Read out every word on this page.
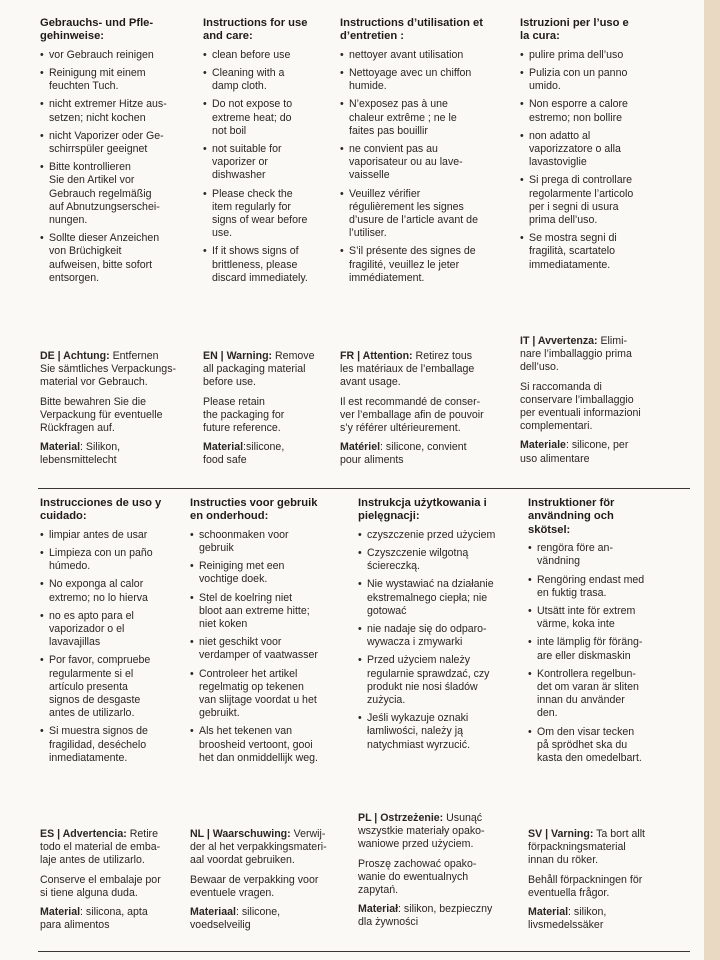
Gebrauchs- und Pfle-
gehinweise:
• vor Gebrauch reinigen
• Reinigung mit einem
feuchten Tuch.
• nicht extremer Hitze aus-
setzen; nicht kochen
• nicht Vaporizer oder Ge-
schirrspüler geeignet
• Bitte kontrollieren
Sie den Artikel vor
Gebrauch regelmäßig
auf Abnutzungserschei-
nungen.
• Sollte dieser Anzeichen
von Brüchigkeit
aufweisen, bitte sofort
entsorgen.

DE | Achtung: Entfernen
Sie sämtliches Verpackungs-
material vor Gebrauch.

Bitte bewahren Sie die
Verpackung für eventuelle
Rückfragen auf.

Material: Silikon,
lebensmittelecht

Instructions for use
and care:
• clean before use
• Cleaning with a
damp cloth.
• Do not expose to
extreme heat; do
not boil
• not suitable for
vaporizer or
dishwasher
• Please check the
item regularly for
signs of wear before
use.
• If it shows signs of
brittleness, please
discard immediately.

EN | Warning: Remove
all packaging material
before use.

Please retain
the packaging for
future reference.

Material:silicone,
food safe

Instructions d’utilisation et
d’entretien :
• nettoyer avant utilisation
• Nettoyage avec un chiffon
humide.
• N’exposez pas à une
chaleur extrême ; ne le
faites pas bouillir
• ne convient pas au
vaporisateur ou au lave-
vaisselle
• Veuillez vérifier
régulièrement les signes
d’usure de l’article avant de
l’utiliser.
• S’il présente des signes de
fragilité, veuillez le jeter
immédiatement.

FR | Attention: Retirez tous
les matériaux de l’emballage
avant usage.

Il est recommandé de conser-
ver l’emballage afin de pouvoir
s’y référer ultérieurement.

Matériel: silicone, convient
pour aliments

Istruzioni per l’uso e
la cura:
• pulire prima dell’uso
• Pulizia con un panno
umido.
• Non esporre a calore
estremo; non bollire
• non adatto al
vaporizzatore o alla
lavastoviglie
• Si prega di controllare
regolarmente l’articolo
per i segni di usura
prima dell’uso.
• Se mostra segni di
fragilità, scartatelo
immediatamente.

IT | Avvertenza: Elimi-
nare l’imballaggio prima
dell’uso.

Si raccomanda di
conservare l’imballaggio
per eventuali informazioni
complementari.

Materiale: silicone, per
uso alimentare

Instrucciones de uso y
cuidado:
• limpiar antes de usar
• Limpieza con un paño
húmedo.
• No exponga al calor
extremo; no lo hierva
• no es apto para el
vaporizador o el
lavavajillas
• Por favor, compruebe
regularmente si el
artículo presenta
signos de desgaste
antes de utilizarlo.
• Si muestra signos de
fragilidad, deséchelo
inmediatamente.

ES | Advertencia: Retire
todo el material de emba-
laje antes de utilizarlo.

Conserve el embalaje por
si tiene alguna duda.

Material: silicona, apta
para alimentos

Instructies voor gebruik
en onderhoud:
• schoonmaken voor
gebruik
• Reiniging met een
vochtige doek.
• Stel de koelring niet
bloot aan extreme hitte;
niet koken
• niet geschikt voor
verdamper of vaatwasser
• Controleer het artikel
regelmatig op tekenen
van slijtage voordat u het
gebruikt.
• Als het tekenen van
broosheid vertoont, gooi
het dan onmiddellijk weg.

NL | Waarschuwing: Verwij-
der al het verpakkingsmateri-
aal voordat gebruiken.

Bewaar de verpakking voor
eventuele vragen.

Materiaal: silicone,
voedselveilig

Instrukcja użytkowania i
pielęgnacji:
• czyszczenie przed użyciem
• Czyszczenie wilgotną
ściereczką.
• Nie wystawiać na działanie
ekstremalnego ciepła; nie
gotować
• nie nadaje się do odparo-
wywacza i zmywarki
• Przed użyciem należy
regularnie sprawdzać, czy
produkt nie nosi śladów
zużycia.
• Jeśli wykazuje oznaki
łamliwości, należy ją
natychmiast wyrzucić.

PL | Ostrzeżenie: Usunąć
wszystkie materiały opako-
waniowe przed użyciem.

Proszę zachować opako-
wanie do ewentualnych
zapytań.

Materiał: silikon, bezpieczny
dla żywności

Instruktioner för
användning och
skötsel:
• rengöra före an-
vändning
• Rengöring endast med
en fuktig trasa.
• Utsätt inte för extrem
värme, koka inte
• inte lämplig för föräng-
are eller diskmaskin
• Kontrollera regelbun-
det om varan är sliten
innan du använder
den.
• Om den visar tecken
på sprödhet ska du
kasta den omedelbart.

SV | Varning: Ta bort allt
förpackningsmaterial
innan du röker.

Behåll förpackningen för
eventuella frågor.

Material: silikon,
livsmedelssäker
